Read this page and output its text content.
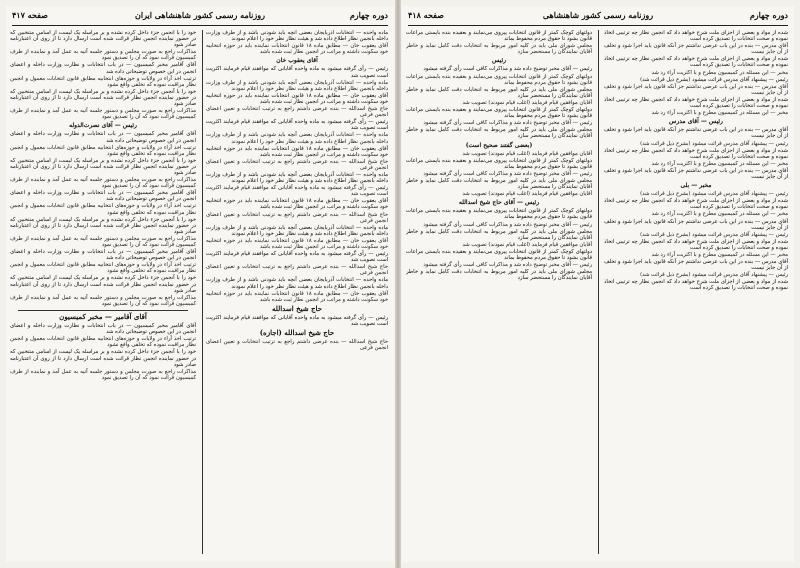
دوره چهارم
روزنامه رسمی کشور شاهنشاهی ایران
صفحه ۴۱۷

ماده واحده — انتخابات آذربایجان بعضی آنچه باید شودنی باشد و از طرف وزارت داخله بانجمن نظار اطلاع داده شد و هیئت نظار نظر خود را اعلام نمودند

آقای یعقوب خان — مطابق ماده ۱۸ قانون انتخابات نماینده باید در حوزه انتخابیه خود سکونت داشته و مراتب در انجمن نظار ثبت شده باشد

آقای یعقوب خان

رئیس — رأی گرفته میشود به ماده واحده آقایانی که موافقند قیام فرمایند اکثریت است تصویب شد

ماده واحده — انتخابات آذربایجان بعضی آنچه باید شودنی باشد و از طرف وزارت داخله بانجمن نظار اطلاع داده شد و هیئت نظار نظر خود را اعلام نمودند

آقای یعقوب خان — مطابق ماده ۱۸ قانون انتخابات نماینده باید در حوزه انتخابیه خود سکونت داشته و مراتب در انجمن نظار ثبت شده باشد

حاج شیخ اسدالله — بنده عرضی داشتم راجع به ترتیب انتخابات و تعیین اعضای انجمن فرعی

رئیس — رأی گرفته میشود به ماده واحده آقایانی که موافقند قیام فرمایند اکثریت است تصویب شد

ماده واحده — انتخابات آذربایجان بعضی آنچه باید شودنی باشد و از طرف وزارت داخله بانجمن نظار اطلاع داده شد و هیئت نظار نظر خود را اعلام نمودند

آقای یعقوب خان — مطابق ماده ۱۸ قانون انتخابات نماینده باید در حوزه انتخابیه خود سکونت داشته و مراتب در انجمن نظار ثبت شده باشد

حاج شیخ اسدالله — بنده عرضی داشتم راجع به ترتیب انتخابات و تعیین اعضای انجمن فرعی

ماده واحده — انتخابات آذربایجان بعضی آنچه باید شودنی باشد و از طرف وزارت داخله بانجمن نظار اطلاع داده شد و هیئت نظار نظر خود را اعلام نمودند

رئیس — رأی گرفته میشود به ماده واحده آقایانی که موافقند قیام فرمایند اکثریت است تصویب شد

آقای یعقوب خان — مطابق ماده ۱۸ قانون انتخابات نماینده باید در حوزه انتخابیه خود سکونت داشته و مراتب در انجمن نظار ثبت شده باشد

حاج شیخ اسدالله — بنده عرضی داشتم راجع به ترتیب انتخابات و تعیین اعضای انجمن فرعی

ماده واحده — انتخابات آذربایجان بعضی آنچه باید شودنی باشد و از طرف وزارت داخله بانجمن نظار اطلاع داده شد و هیئت نظار نظر خود را اعلام نمودند

آقای یعقوب خان — مطابق ماده ۱۸ قانون انتخابات نماینده باید در حوزه انتخابیه خود سکونت داشته و مراتب در انجمن نظار ثبت شده باشد

رئیس — رأی گرفته میشود به ماده واحده آقایانی که موافقند قیام فرمایند اکثریت است تصویب شد

حاج شیخ اسدالله — بنده عرضی داشتم راجع به ترتیب انتخابات و تعیین اعضای انجمن فرعی

ماده واحده — انتخابات آذربایجان بعضی آنچه باید شودنی باشد و از طرف وزارت داخله بانجمن نظار اطلاع داده شد و هیئت نظار نظر خود را اعلام نمودند

آقای یعقوب خان — مطابق ماده ۱۸ قانون انتخابات نماینده باید در حوزه انتخابیه خود سکونت داشته و مراتب در انجمن نظار ثبت شده باشد

حاج شیخ اسدالله

رئیس — رأی گرفته میشود به ماده واحده آقایانی که موافقند قیام فرمایند اکثریت است تصویب شد

حاج شیخ اسدالله (اجازه)

حاج شیخ اسدالله — بنده عرضی داشتم راجع به ترتیب انتخابات و تعیین اعضای انجمن فرعی

خود را با آنجمن جزء داخل کرده نشده و بر مراسله یک لیست از اسامی منتخبین که در حضور نماینده انجمن نظار قرائت شده است ارسال دارد تا از روی آن اعتبارنامه صادر شود

مذاکرات راجع به صورت مجلس و دستور جلسه آتیه به عمل آمد و نماینده از طرف کمیسیون قرائت نمود که آن را تصدیق نمود

آقای آقامیر مخبر کمیسیون — در باب انتخابات و نظارت وزارت داخله و اعضای انجمن در این خصوص توضیحاتی داده شد

ترتیب اخذ آراء در ولایات و حوزه‌های انتخابیه مطابق قانون انتخابات معمول و انجمن نظار مراقبت نموده که تخلفی واقع نشود

خود را با آنجمن جزء داخل کرده نشده و بر مراسله یک لیست از اسامی منتخبین که در حضور نماینده انجمن نظار قرائت شده است ارسال دارد تا از روی آن اعتبارنامه صادر شود

مذاکرات راجع به صورت مجلس و دستور جلسه آتیه به عمل آمد و نماینده از طرف کمیسیون قرائت نمود که آن را تصدیق نمود

رئیس — آقای نصرت‌الدوله

آقای آقامیر مخبر کمیسیون — در باب انتخابات و نظارت وزارت داخله و اعضای انجمن در این خصوص توضیحاتی داده شد

ترتیب اخذ آراء در ولایات و حوزه‌های انتخابیه مطابق قانون انتخابات معمول و انجمن نظار مراقبت نموده که تخلفی واقع نشود

خود را با آنجمن جزء داخل کرده نشده و بر مراسله یک لیست از اسامی منتخبین که در حضور نماینده انجمن نظار قرائت شده است ارسال دارد تا از روی آن اعتبارنامه صادر شود

مذاکرات راجع به صورت مجلس و دستور جلسه آتیه به عمل آمد و نماینده از طرف کمیسیون قرائت نمود که آن را تصدیق نمود

آقای آقامیر مخبر کمیسیون — در باب انتخابات و نظارت وزارت داخله و اعضای انجمن در این خصوص توضیحاتی داده شد

ترتیب اخذ آراء در ولایات و حوزه‌های انتخابیه مطابق قانون انتخابات معمول و انجمن نظار مراقبت نموده که تخلفی واقع نشود

خود را با آنجمن جزء داخل کرده نشده و بر مراسله یک لیست از اسامی منتخبین که در حضور نماینده انجمن نظار قرائت شده است ارسال دارد تا از روی آن اعتبارنامه صادر شود

مذاکرات راجع به صورت مجلس و دستور جلسه آتیه به عمل آمد و نماینده از طرف کمیسیون قرائت نمود که آن را تصدیق نمود

آقای آقامیر مخبر کمیسیون — در باب انتخابات و نظارت وزارت داخله و اعضای انجمن در این خصوص توضیحاتی داده شد

ترتیب اخذ آراء در ولایات و حوزه‌های انتخابیه مطابق قانون انتخابات معمول و انجمن نظار مراقبت نموده که تخلفی واقع نشود

خود را با آنجمن جزء داخل کرده نشده و بر مراسله یک لیست از اسامی منتخبین که در حضور نماینده انجمن نظار قرائت شده است ارسال دارد تا از روی آن اعتبارنامه صادر شود

مذاکرات راجع به صورت مجلس و دستور جلسه آتیه به عمل آمد و نماینده از طرف کمیسیون قرائت نمود که آن را تصدیق نمود

آقای آقامیر — مخبر کمیسیون

آقای آقامیر مخبر کمیسیون — در باب انتخابات و نظارت وزارت داخله و اعضای انجمن در این خصوص توضیحاتی داده شد

ترتیب اخذ آراء در ولایات و حوزه‌های انتخابیه مطابق قانون انتخابات معمول و انجمن نظار مراقبت نموده که تخلفی واقع نشود

خود را با آنجمن جزء داخل کرده نشده و بر مراسله یک لیست از اسامی منتخبین که در حضور نماینده انجمن نظار قرائت شده است ارسال دارد تا از روی آن اعتبارنامه صادر شود

مذاکرات راجع به صورت مجلس و دستور جلسه آتیه به عمل آمد و نماینده از طرف کمیسیون قرائت نمود که آن را تصدیق نمود

دوره چهارم
روزنامه رسمی کشور شاهنشاهی
صفحه ۴۱۸

شده از مواد و بعضی از اجزای ملت شرح خواهد داد که انجمن نظار چه ترتیبی اتخاذ نموده و صحت انتخابات را تصدیق کرده است

آقای مدرس — بنده در این باب عرضی نداشتم جز آنکه قانون باید اجرا شود و تخلف از آن جایز نیست

شده از مواد و بعضی از اجزای ملت شرح خواهد داد که انجمن نظار چه ترتیبی اتخاذ نموده و صحت انتخابات را تصدیق کرده است

مخبر — این مسئله در کمیسیون مطرح و با اکثریت آراء رد شد

رئیس — پیشنهاد آقای مدرس قرائت میشود (بشرح ذیل قرائت شد)

آقای مدرس — بنده در این باب عرضی نداشتم جز آنکه قانون باید اجرا شود و تخلف از آن جایز نیست

شده از مواد و بعضی از اجزای ملت شرح خواهد داد که انجمن نظار چه ترتیبی اتخاذ نموده و صحت انتخابات را تصدیق کرده است

مخبر — این مسئله در کمیسیون مطرح و با اکثریت آراء رد شد

رئیس — آقای مدرس

آقای مدرس — بنده در این باب عرضی نداشتم جز آنکه قانون باید اجرا شود و تخلف از آن جایز نیست

رئیس — پیشنهاد آقای مدرس قرائت میشود (بشرح ذیل قرائت شد)

شده از مواد و بعضی از اجزای ملت شرح خواهد داد که انجمن نظار چه ترتیبی اتخاذ نموده و صحت انتخابات را تصدیق کرده است

مخبر — این مسئله در کمیسیون مطرح و با اکثریت آراء رد شد

آقای مدرس — بنده در این باب عرضی نداشتم جز آنکه قانون باید اجرا شود و تخلف از آن جایز نیست

مخبر — بلی

رئیس — پیشنهاد آقای مدرس قرائت میشود (بشرح ذیل قرائت شد)

شده از مواد و بعضی از اجزای ملت شرح خواهد داد که انجمن نظار چه ترتیبی اتخاذ نموده و صحت انتخابات را تصدیق کرده است

مخبر — این مسئله در کمیسیون مطرح و با اکثریت آراء رد شد

آقای مدرس — بنده در این باب عرضی نداشتم جز آنکه قانون باید اجرا شود و تخلف از آن جایز نیست

رئیس — پیشنهاد آقای مدرس قرائت میشود (بشرح ذیل قرائت شد)

شده از مواد و بعضی از اجزای ملت شرح خواهد داد که انجمن نظار چه ترتیبی اتخاذ نموده و صحت انتخابات را تصدیق کرده است

مخبر — این مسئله در کمیسیون مطرح و با اکثریت آراء رد شد

آقای مدرس — بنده در این باب عرضی نداشتم جز آنکه قانون باید اجرا شود و تخلف از آن جایز نیست

رئیس — پیشنهاد آقای مدرس قرائت میشود (بشرح ذیل قرائت شد)

شده از مواد و بعضی از اجزای ملت شرح خواهد داد که انجمن نظار چه ترتیبی اتخاذ نموده و صحت انتخابات را تصدیق کرده است

دولتهای کوچک کمتر از قانون انتخابات پیروی می‌نمایند و بعقیده بنده بایستی مراعات قانون بشود تا حقوق مردم محفوظ بماند

مجلس شورای ملی باید در کلیه امور مربوط به انتخابات دقت کامل نماید و خاطر آقایان نمایندگان را مستحضر سازد

رئیس

رئیس — آقای مخبر توضیح داده شد و مذاکرات کافی است رأی گرفته میشود

دولتهای کوچک کمتر از قانون انتخابات پیروی می‌نمایند و بعقیده بنده بایستی مراعات قانون بشود تا حقوق مردم محفوظ بماند

مجلس شورای ملی باید در کلیه امور مربوط به انتخابات دقت کامل نماید و خاطر آقایان نمایندگان را مستحضر سازد

آقایان موافقین قیام فرمایند (اغلب قیام نمودند) تصویب شد

دولتهای کوچک کمتر از قانون انتخابات پیروی می‌نمایند و بعقیده بنده بایستی مراعات قانون بشود تا حقوق مردم محفوظ بماند

رئیس — آقای مخبر توضیح داده شد و مذاکرات کافی است رأی گرفته میشود

مجلس شورای ملی باید در کلیه امور مربوط به انتخابات دقت کامل نماید و خاطر آقایان نمایندگان را مستحضر سازد

(بعضی گفتند صحیح است)

آقایان موافقین قیام فرمایند (اغلب قیام نمودند) تصویب شد

دولتهای کوچک کمتر از قانون انتخابات پیروی می‌نمایند و بعقیده بنده بایستی مراعات قانون بشود تا حقوق مردم محفوظ بماند

رئیس — آقای مخبر توضیح داده شد و مذاکرات کافی است رأی گرفته میشود

مجلس شورای ملی باید در کلیه امور مربوط به انتخابات دقت کامل نماید و خاطر آقایان نمایندگان را مستحضر سازد

آقایان موافقین قیام فرمایند (اغلب قیام نمودند) تصویب شد

رئیس — آقای حاج شیخ اسدالله

دولتهای کوچک کمتر از قانون انتخابات پیروی می‌نمایند و بعقیده بنده بایستی مراعات قانون بشود تا حقوق مردم محفوظ بماند

رئیس — آقای مخبر توضیح داده شد و مذاکرات کافی است رأی گرفته میشود

مجلس شورای ملی باید در کلیه امور مربوط به انتخابات دقت کامل نماید و خاطر آقایان نمایندگان را مستحضر سازد

آقایان موافقین قیام فرمایند (اغلب قیام نمودند) تصویب شد

دولتهای کوچک کمتر از قانون انتخابات پیروی می‌نمایند و بعقیده بنده بایستی مراعات قانون بشود تا حقوق مردم محفوظ بماند

رئیس — آقای مخبر توضیح داده شد و مذاکرات کافی است رأی گرفته میشود

مجلس شورای ملی باید در کلیه امور مربوط به انتخابات دقت کامل نماید و خاطر آقایان نمایندگان را مستحضر سازد
